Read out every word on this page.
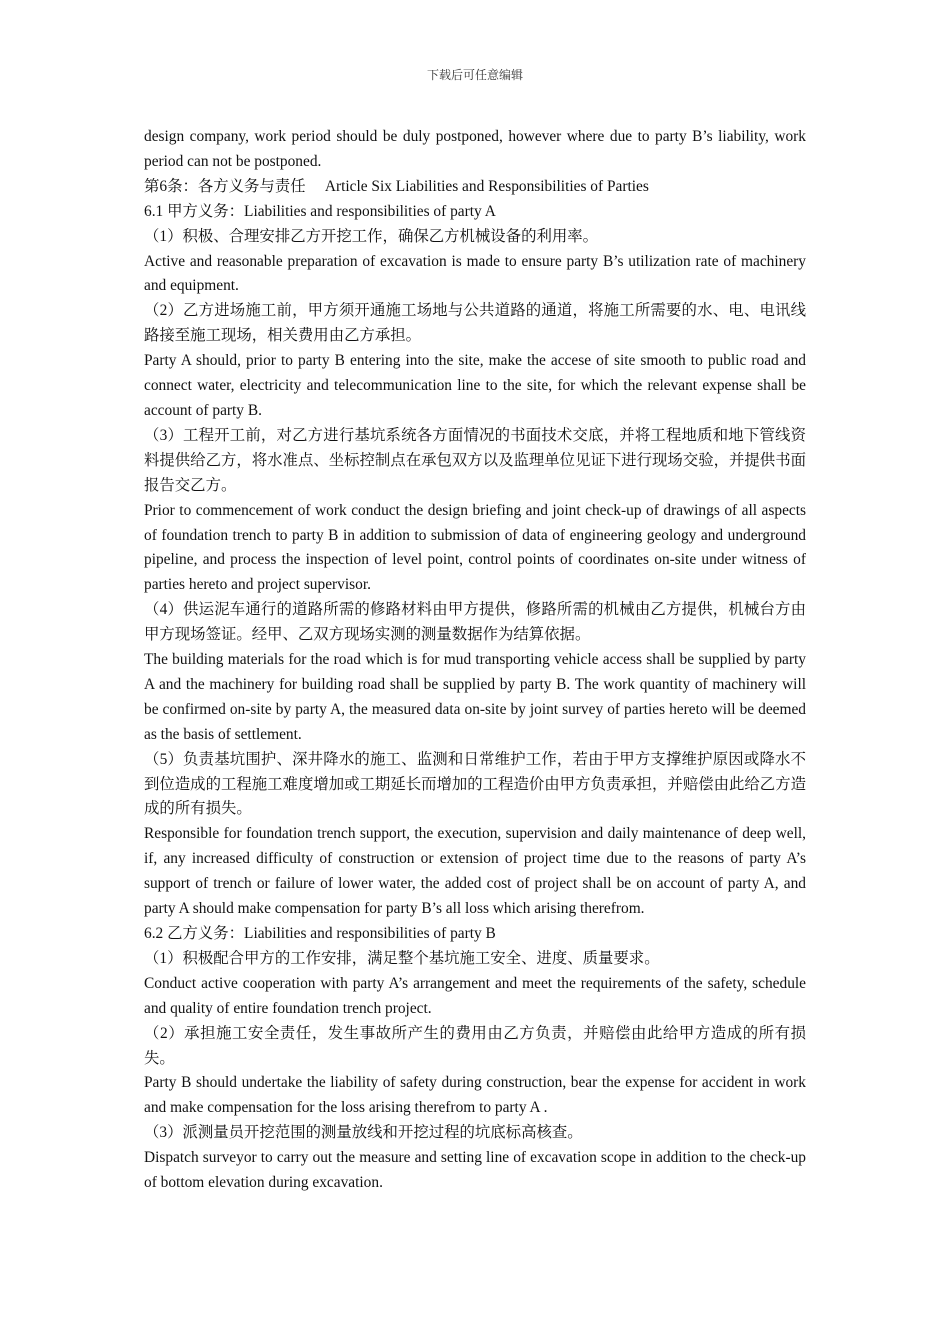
下载后可任意编辑

design company, work period should be duly postponed, however where due to party B’s liability, work period can not be postponed.

第6条：各方义务与责任　 Article Six Liabilities and Responsibilities of Parties

6.1 甲方义务：Liabilities and responsibilities of party A

（1）积极、合理安排乙方开挖工作，确保乙方机械设备的利用率。

Active and reasonable preparation of excavation is made to ensure party B’s utilization rate of machinery and equipment.

（2）乙方进场施工前，甲方须开通施工场地与公共道路的通道，将施工所需要的水、电、电讯线路接至施工现场，相关费用由乙方承担。

Party A should, prior to party B entering into the site, make the accese of site smooth to public road and connect water, electricity and telecommunication line to the site, for which the relevant expense shall be account of party B.

（3）工程开工前，对乙方进行基坑系统各方面情况的书面技术交底，并将工程地质和地下管线资料提供给乙方，将水准点、坐标控制点在承包双方以及监理单位见证下进行现场交验，并提供书面报告交乙方。

Prior to commencement of work conduct the design briefing and joint check-up of drawings of all aspects of foundation trench to party B in addition to submission of data of engineering geology and underground pipeline, and process the inspection of level point, control points of coordinates on-site under witness of parties hereto and project supervisor.

（4）供运泥车通行的道路所需的修路材料由甲方提供，修路所需的机械由乙方提供，机械台方由甲方现场签证。经甲、乙双方现场实测的测量数据作为结算依据。

The building materials for the road which is for mud transporting vehicle access shall be supplied by party A and the machinery for building road shall be supplied by party B. The work quantity of machinery will be confirmed on-site by party A, the measured data on-site by joint survey of parties hereto will be deemed as the basis of settlement.

（5）负责基坑围护、深井降水的施工、监测和日常维护工作，若由于甲方支撑维护原因或降水不到位造成的工程施工难度增加或工期延长而增加的工程造价由甲方负责承担，并赔偿由此给乙方造成的所有损失。

Responsible for foundation trench support, the execution, supervision and daily maintenance of deep well, if, any increased difficulty of construction or extension of project time due to the reasons of party A’s support of trench or failure of lower water, the added cost of project shall be on account of party A, and party A should make compensation for party B’s all loss which arising therefrom.

6.2 乙方义务：Liabilities and responsibilities of party B

（1）积极配合甲方的工作安排，满足整个基坑施工安全、进度、质量要求。

Conduct active cooperation with party A’s arrangement and meet the requirements of the safety, schedule and quality of entire foundation trench project.

（2）承担施工安全责任，发生事故所产生的费用由乙方负责，并赔偿由此给甲方造成的所有损失。

Party B should undertake the liability of safety during construction, bear the expense for accident in work and make compensation for the loss arising therefrom to party A .

（3）派测量员开挖范围的测量放线和开挖过程的坑底标高核查。

Dispatch surveyor to carry out the measure and setting line of excavation scope in addition to the check-up of bottom elevation during excavation.
